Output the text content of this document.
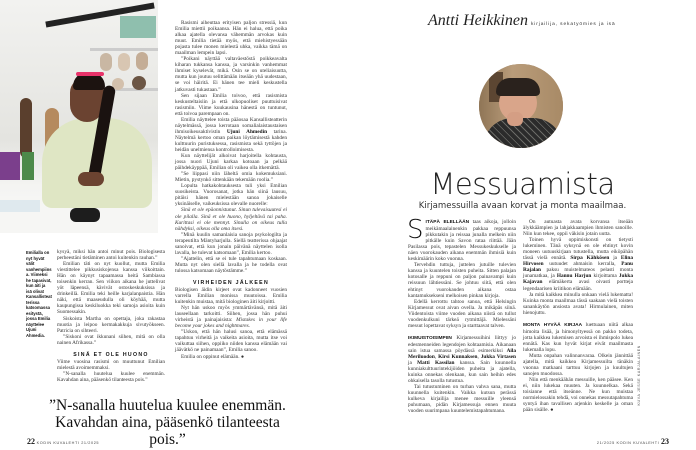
Emilialla on nyt hyvät välit vanhempiinsa. Viimeksi he tapasivat, kun äiti ja isä olivat Kansallisteatterissa katsomassa esitystä, jossa Emilia näyttelee Ujuni Ahmedia.

kysyä, miksi hän antoi minut pois. Biologisesta perheestäni tietäminen antoi kuitenkin rauhan.”

Emilian täti on nyt kuollut, mutta Emilia viestittelee pikkusiskojensa kanssa viikoittain. Hän on käynyt tapaamassa heitä Sambiassa toisenkin kerran. Sen viikon aikana he juttelivat yöt läpeensä, kävivät ostoskeskuksissa ja drinkeillä. Emilia teki heille karjalanpaistia. Hän näki, että maaseudulla oli köyhää, mutta kaupungissa keskiluokka teki samoja asioita kuin Suomessakin.

Siskoista Martha on opettaja, joka rakastaa muotia ja leipoo kermakakkuja sivutyökseen. Patricia on sihteeri.

”Siskoni ovat ikkunani siihen, mitä on olla nainen Afrikassa.”

SINÄ ET OLE HUONO

Viime vuosina rasismi on muuttunut Emilian mielestä avoimemmaksi.

”N-sanalla huutelua kuulee enemmän. Kavahdan aina, pääsenkö tilanteesta pois.”

Rasismi aiheuttaa erityisen paljon stressiä, kun Emilia miettii poikaansa. Hän ei halua, että poika alkaa ajatella olevansa vähemmän arvokas kuin muut. Emilia tietää myös, että miehistyessään pojasta tulee monen mielestä uhka, vaikka tämä on maailman lempein lapsi.

”Poikani näyttää valtaväestöstä poikkeavalta kiharan tukkansa kanssa, ja varsinkin vanhemmat ihmiset kyselevät, mikä. Osin se on uteliaisuutta, mutta kun joutuu selittämään itseään yhä uudestaan, se voi häiritä. Ei hänen tee mieli keskustella jatkuvasti tukastaan.”

Sen sijaan Emilia toivoo, että rasismista keskusteltaisiin ja että ulkopuoliset puuttuisivat rasismiin. Viime kuukausina hänestä on tuntunut, että toivoa parempaan on.

Emilia näyttelee toista pääosaa Kansallisteatterin näytelmässä, jossa kerrotaan somalialaistaustaisen ihmisoikeusaktivistin Ujuni Ahmedin tarina. Näytelmä kertoo oman paikan löytämisestä kahden kulttuurin puristuksessa, rasismista sekä tyttöjen ja heidän unelmiensa kontrolloimisesta.

Kun näyttelijät alkoivat harjoitella kohtausta, jossa nuori Ujuni karkaa kotoaan ja pelkää päihdekäyppää, Emilian oli vaikea olla itkemättä.

”Se liippasi niin läheltä omia kokemuksiani. Mietin, pystynkö sittenkään tekemään roolia.”

Lopulta hatkakohtauksesta tuli yksi Emilian suosikeista. Vuorosanat, jotka hän siinä lausuu, pitäisi hänen mielestään sanoa jokaiselle yksinäiselle, vaikeuksissa olevalle nuorelle:

Sinä et ole epäonnistunut. Sinun tulevaisuutesi ei ole pilalla. Sinä et ole huono, hyljeltävä tai paha. Kurittasi ei ole mennyt. Sinulla on oikeus tulla nähdyksi, oikeus olla oma itsesi.

”Minä kuulin samanlaisia sanoja psykologilta ja terapeutilta Mäntyharjulla. Siellä teatterissa ohjaajat sanoivat, että kun jonain päivänä näyttelen isolla lavalla, he tulevat katsomaan”, Emilia kertoo.

”Ajattelin, että se ei tule tapahtumaan koskaan. Mutta nyt olen siellä lavalla ja he todella ovat tulossa katsomaan näytöstämme.”

VIRHEIDEN JÄLKEEN

Biologisen äidin kirjeet ovat kadonneet vuosien varrella Emilian monissa muutoissa. Emilia kuitenkin muistaa, mitä biologinen äiti kirjoitti.

Nyt hän uskoo myös ymmärtävänsä, mitä äiti lauseellaan tarkoitti. Siihen, jossa hän puhui virheistä ja painajaisista: Mistakes in your life become your jokes and nightmares.

”Uskon, että hän halusi sanoa, että elämässä tapahtuu virheitä ja vaikeita asioita, mutta itse voi vaikuttaa siihen, oppiiko niiden kanssa elämään vai jäävätkö ne painamaan”, Emilia sanoo.

Emilia on oppinut elämään. ●

”N-sanalla huutelua kuulee enemmän. Kavahdan aina, pääsenkö tilanteesta pois.”
22 KODIN KUVALEHTI 21/2025
Antti Heikkinen kirjailija, sekatyömies ja isä
Messuamista
Kirjamessuilla avaan korvat ja monta maailmaa.

SITÄPÄ ELELLÄÄN taas aikoja, jolloin meikämaalainenkin pakkaa reppuunsa pikkutakin ja reissaa junalla melkein niin pitkälle kuin Savon rataa riittää. Jään Pasilassa pois, tepastelen Messukeskukselle ja näen vuorokauden aikana enemmän ihmisiä kuin keskimäärin koko vuonna.

Tervehdin tuttuja, juttelen jutuille tulevien kanssa ja kuuntelen toisten puheita. Sitten palajan kotosalle ja reppuni on paljon painavampi kuin reissuun lähtiessäni. Se johtuu siitä, että olen ehtinyt vuorokauden aikana ostaa kantamuksekseni melkoisen pinkan kirjoja.

Edellä kerrottu tahtoo sanoa, että Helsingin Kirjamessut ovat aivan ovella. Ja mikäpäs siinä. Viidentoista viime vuoden aikana niistä on tullut vuodenkulkuni tärkeä rytmittäjä. Mielessäni messut lopettavat syksyn ja starttaavat talven.

IKIMUISTOISIMPIIN Kirjamessuihini liittyy jo edesmenneiden legendojen kohtaamisia. Aikanaan sain istua samassa pöydässä esimerkiksi Aila Meriluodon, Kirsi Kunnaksen, Jukka Virtasen ja Matti Kassilan kanssa. Sain kuunnella kunniakulttuurintekijöiden puheita ja ajatella, kuinka onnekas olenkaan, kun sain heihin edes ohkaisella tasolla tutustua.

Tai tutustuminen on turhan vahva sana, mutta kuunnella kuitenkin. Vaikka kutsun perässä kulkeva kirjailija menee messuille yleensä puhumaan, pidän Kirjamessuja ennen muuta vuoden suurimpana kuuntelemistapahtumana.

On autuasta avata korvansa itseään älykkäämpien ja lahjakkaampien ihmisten sanoille. Niin kun tekee, oppii väkisin jotain uutta.

Toinen hyvä oppimiskonsti on tietysti lukeminen. Tänä syksynä en ole ehtinyt kovin moneen uutuuskirjaan tutustella, mutta eiköpähän tässä vielä ennätä. Sirpa Kähkösen ja Elina Hirvosen uutuudet ahmaisin kerralla, Panu Rajalan paksu muistelmateos pelasti monta junamatkaa, ja Hannu Harjun kirjoittama Jukka Kajavan elämäkerta avasi oivasti portteja legendaarisen kriitikon elämään.

Ja mitä kaikkea minulla onkaan vielä lukematta! Kuinka monta maailmaa tässä saakaan vielä toisten sanankäytön ansiosta avata! Hirmulainen, miten hienojuttu.

MONTA HYVÄÄ KIRJAA luettuaan niitä alkaa himoita lisää, ja himonyltyessä on pakko todeta, jotta kaikkea lukemisen arvoista ei ihmispolo lukea ennätä. Kas kun hyvät kirjat eivät maailmasta lukemalla lopu.

Mutta onpahan valinnanvaraa. Olkein jännittää ajatella, mitä kaikkea Kirjamessuilta tänäkin vuonna matkaani tarttuu kirjojen ja kuultujen sanojen muodossa.

Niin että menkäähän messuille, ken pääsee. Ken ei, niin lukekaa muuten. Ja kuunnelkaa. Sekä toisianne että itseänne. Ne kun muistaa normielossakin tehdä, voi onnekas messutapahtuma syntyä ihan tavallisen arjenkin keskelle ja oman pään sisälle. ●

KUVA JESSE KARJALAINEN
21/2025 KODIN KUVALEHTI 23
